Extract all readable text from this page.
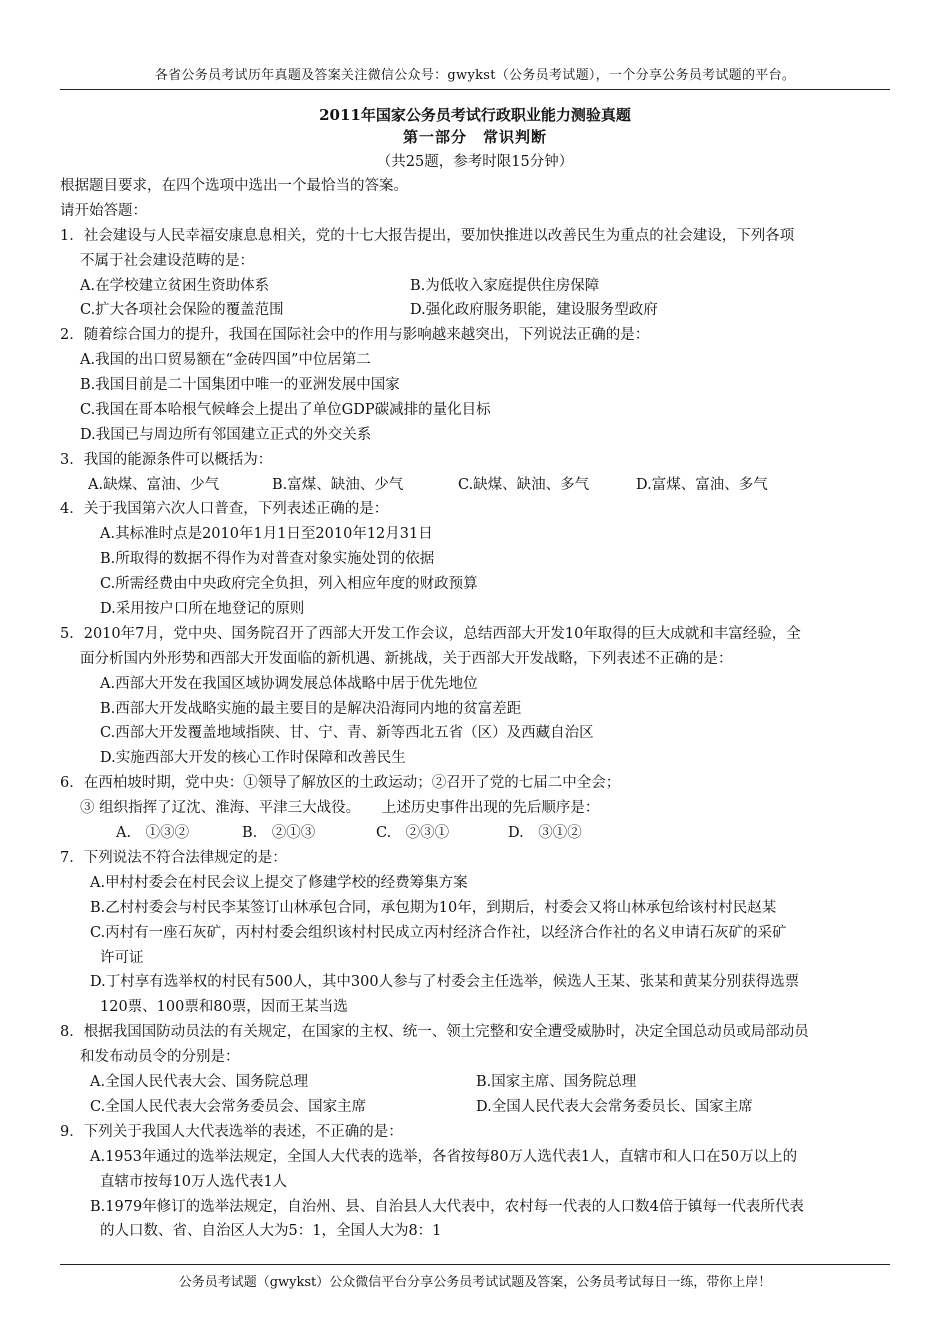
各省公务员考试历年真题及答案关注微信公众号：gwykst（公务员考试题），一个分享公务员考试题的平台。
2011年国家公务员考试行政职业能力测验真题
第一部分　常识判断
（共25题，参考时限15分钟）
根据题目要求，在四个选项中选出一个最恰当的答案。
请开始答题：
1．社会建设与人民幸福安康息息相关，党的十七大报告提出，要加快推进以改善民生为重点的社会建设，下列各项
不属于社会建设范畴的是：
A.在学校建立贫困生资助体系	B.为低收入家庭提供住房保障
C.扩大各项社会保险的覆盖范围	D.强化政府服务职能，建设服务型政府
2．随着综合国力的提升，我国在国际社会中的作用与影响越来越突出，下列说法正确的是：
A.我国的出口贸易额在“金砖四国”中位居第二
B.我国目前是二十国集团中唯一的亚洲发展中国家
C.我国在哥本哈根气候峰会上提出了单位GDP碳减排的量化目标
D.我国已与周边所有邻国建立正式的外交关系
3．我国的能源条件可以概括为：
A.缺煤、富油、少气	B.富煤、缺油、少气	C.缺煤、缺油、多气	D.富煤、富油、多气
4．关于我国第六次人口普查，下列表述正确的是：
A.其标准时点是2010年1月1日至2010年12月31日
B.所取得的数据不得作为对普查对象实施处罚的依据
C.所需经费由中央政府完全负担，列入相应年度的财政预算
D.采用按户口所在地登记的原则
5．2010年7月，党中央、国务院召开了西部大开发工作会议，总结西部大开发10年取得的巨大成就和丰富经验，全
面分析国内外形势和西部大开发面临的新机遇、新挑战，关于西部大开发战略，下列表述不正确的是：
A.西部大开发在我国区域协调发展总体战略中居于优先地位
B.西部大开发战略实施的最主要目的是解决沿海同内地的贫富差距
C.西部大开发覆盖地域指陕、甘、宁、青、新等西北五省（区）及西藏自治区
D.实施西部大开发的核心工作时保障和改善民生
6．在西柏坡时期，党中央：①领导了解放区的土政运动；②召开了党的七届二中全会；
③ 组织指挥了辽沈、淮海、平津三大战役。　　上述历史事件出现的先后顺序是：
A.　①③②	B.　②①③	C.　②③①	D.　③①②
7．下列说法不符合法律规定的是：
A.甲村村委会在村民会议上提交了修建学校的经费筹集方案
B.乙村村委会与村民李某签订山林承包合同，承包期为10年，到期后，村委会又将山林承包给该村村民赵某
C.丙村有一座石灰矿，丙村村委会组织该村村民成立丙村经济合作社，以经济合作社的名义申请石灰矿的采矿
许可证
D.丁村享有选举权的村民有500人，其中300人参与了村委会主任选举，候选人王某、张某和黄某分别获得选票
120票、100票和80票，因而王某当选
8．根据我国国防动员法的有关规定，在国家的主权、统一、领土完整和安全遭受威胁时，决定全国总动员或局部动员
和发布动员令的分别是：
A.全国人民代表大会、国务院总理	B.国家主席、国务院总理
C.全国人民代表大会常务委员会、国家主席	D.全国人民代表大会常务委员长、国家主席
9．下列关于我国人大代表选举的表述，不正确的是：
A.1953年通过的选举法规定，全国人大代表的选举，各省按每80万人选代表1人，直辖市和人口在50万以上的
直辖市按每10万人选代表1人
B.1979年修订的选举法规定，自治州、县、自治县人大代表中，农村每一代表的人口数4倍于镇每一代表所代表
的人口数、省、自治区人大为5：1，全国人大为8：1
公务员考试题（gwykst）公众微信平台分享公务员考试试题及答案，公务员考试每日一练，带你上岸！
